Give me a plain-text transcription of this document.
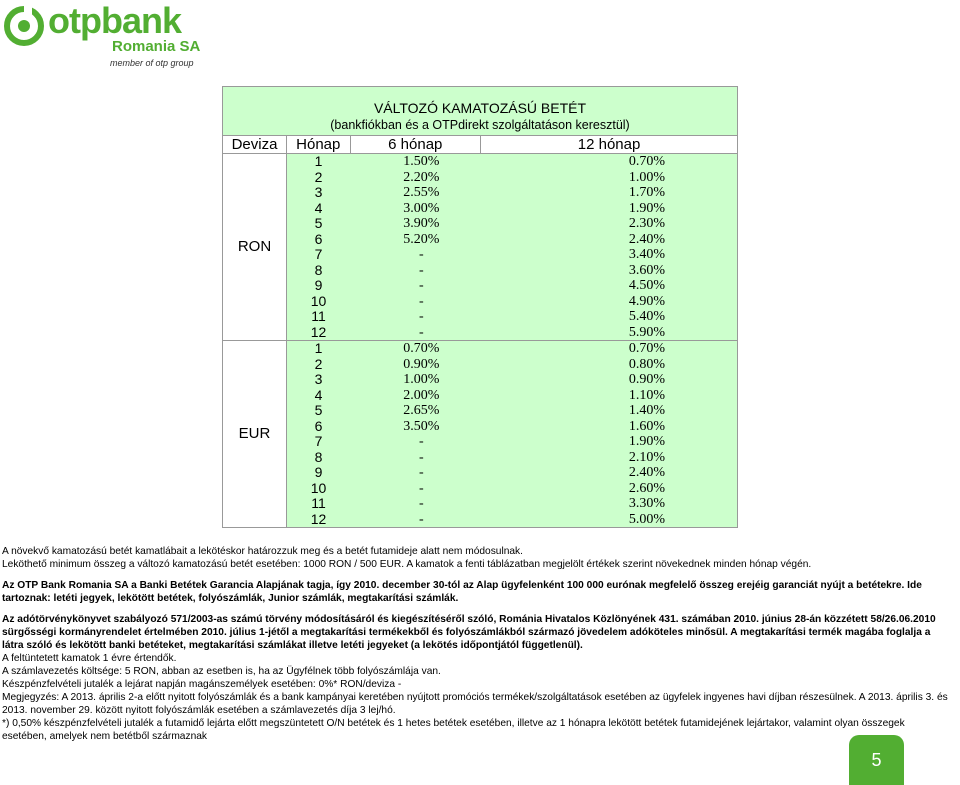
otpbank
Romania SA
member of otp group
VÁLTOZÓ KAMATOZÁSÚ BETÉT
(bankfiókban és a OTPdirekt szolgáltatáson keresztül)			

Deviza	Hónap	6 hónap	12 hónap
RON	1	1.50%	0.70%
	2	2.20%	1.00%
	3	2.55%	1.70%
	4	3.00%	1.90%
	5	3.90%	2.30%
	6	5.20%	2.40%
	7	-	3.40%
	8	-	3.60%
	9	-	4.50%
	10	-	4.90%
	11	-	5.40%
	12	-	5.90%
EUR	1	0.70%	0.70%
	2	0.90%	0.80%
	3	1.00%	0.90%
	4	2.00%	1.10%
	5	2.65%	1.40%
	6	3.50%	1.60%
	7	-	1.90%
	8	-	2.10%
	9	-	2.40%
	10	-	2.60%
	11	-	3.30%
	12	-	5.00%

A növekvő kamatozású betét kamatlábait a lekötéskor határozzuk meg és a betét futamideje alatt nem módosulnak.

Leköthető minimum összeg a változó kamatozású betét esetében: 1000 RON / 500 EUR. A kamatok a fenti táblázatban megjelölt értékek szerint növekednek minden hónap végén.

Az OTP Bank Romania SA a Banki Betétek Garancia Alapjának tagja, így 2010. december 30-tól az Alap ügyfelenként 100 000 eurónak megfelelő összeg erejéig garanciát nyújt a betétekre. Ide tartoznak: letéti jegyek, lekötött betétek, folyószámlák, Junior számlák, megtakarítási számlák.

Az adótörvénykönyvet szabályozó 571/2003-as számú törvény módosításáról és kiegészítéséről szóló, Románia Hivatalos Közlönyének 431. számában 2010. június 28-án közzétett 58/26.06.2010 sürgősségi kormányrendelet értelmében 2010. július 1-jétől a megtakarítási termékekből és folyószámlákból származó jövedelem adóköteles minősül. A megtakarítási termék magába foglalja a látra szóló és lekötött banki betéteket, megtakarítási számlákat illetve letéti jegyeket (a lekötés időpontjától függetlenül).

A feltüntetett kamatok 1 évre értendők.

A számlavezetés költsége: 5 RON, abban az esetben is, ha az Ügyfélnek több folyószámlája van.

Készpénzfelvételi jutalék a lejárat napján magánszemélyek esetében: 0%* RON/deviza -

Megjegyzés: A 2013. április 2-a előtt nyitott folyószámlák és a bank kampányai keretében nyújtott promóciós termékek/szolgáltatások esetében az ügyfelek ingyenes havi díjban részesülnek. A 2013. április 3. és 2013. november 29. között nyitott folyószámlák esetében a számlavezetés díja 3 lej/hó.

*) 0,50% készpénzfelvételi jutalék a futamidő lejárta előtt megszüntetett O/N betétek és 1 hetes betétek esetében, illetve az 1 hónapra lekötött betétek futamidejének lejártakor, valamint olyan összegek esetében, amelyek nem betétből származnak

5
